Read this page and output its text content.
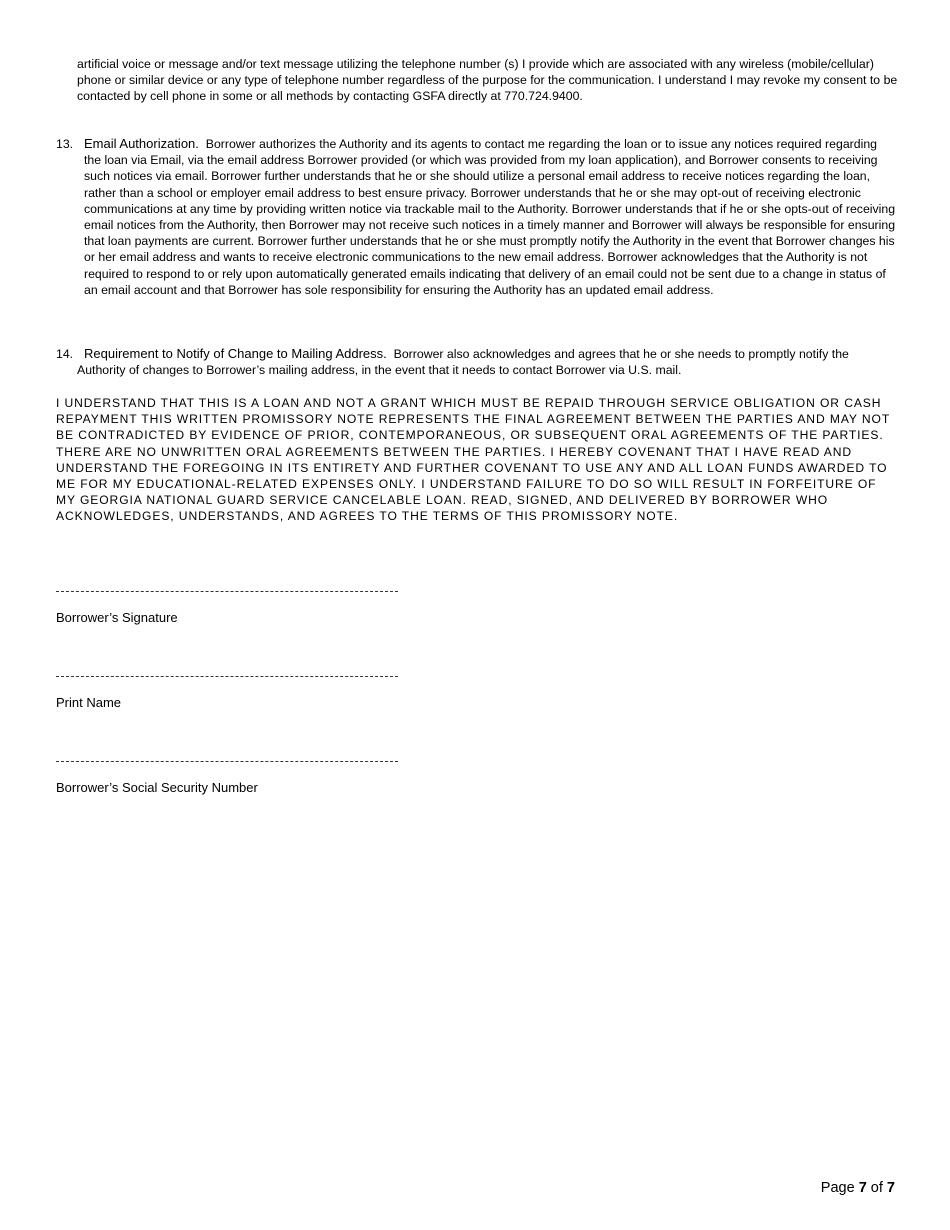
artificial voice or message and/or text message utilizing the telephone number (s) I provide which are associated with any wireless (mobile/cellular) phone or similar device or any type of telephone number regardless of the purpose for the communication. I understand I may revoke my consent to be contacted by cell phone in some or all methods by contacting GSFA directly at 770.724.9400.

13. Email Authorization. Borrower authorizes the Authority and its agents to contact me regarding the loan or to issue any notices required regarding the loan via Email, via the email address Borrower provided (or which was provided from my loan application), and Borrower consents to receiving such notices via email. Borrower further understands that he or she should utilize a personal email address to receive notices regarding the loan, rather than a school or employer email address to best ensure privacy. Borrower understands that he or she may opt-out of receiving electronic communications at any time by providing written notice via trackable mail to the Authority. Borrower understands that if he or she opts-out of receiving email notices from the Authority, then Borrower may not receive such notices in a timely manner and Borrower will always be responsible for ensuring that loan payments are current. Borrower further understands that he or she must promptly notify the Authority in the event that Borrower changes his or her email address and wants to receive electronic communications to the new email address. Borrower acknowledges that the Authority is not required to respond to or rely upon automatically generated emails indicating that delivery of an email could not be sent due to a change in status of an email account and that Borrower has sole responsibility for ensuring the Authority has an updated email address.

14. Requirement to Notify of Change to Mailing Address. Borrower also acknowledges and agrees that he or she needs to promptly notify the Authority of changes to Borrower’s mailing address, in the event that it needs to contact Borrower via U.S. mail.

I UNDERSTAND THAT THIS IS A LOAN AND NOT A GRANT WHICH MUST BE REPAID THROUGH SERVICE OBLIGATION OR CASH REPAYMENT THIS WRITTEN PROMISSORY NOTE REPRESENTS THE FINAL AGREEMENT BETWEEN THE PARTIES AND MAY NOT BE CONTRADICTED BY EVIDENCE OF PRIOR, CONTEMPORANEOUS, OR SUBSEQUENT ORAL AGREEMENTS OF THE PARTIES. THERE ARE NO UNWRITTEN ORAL AGREEMENTS BETWEEN THE PARTIES. I HEREBY COVENANT THAT I HAVE READ AND UNDERSTAND THE FOREGOING IN ITS ENTIRETY AND FURTHER COVENANT TO USE ANY AND ALL LOAN FUNDS AWARDED TO ME FOR MY EDUCATIONAL-RELATED EXPENSES ONLY. I UNDERSTAND FAILURE TO DO SO WILL RESULT IN FORFEITURE OF MY GEORGIA NATIONAL GUARD SERVICE CANCELABLE LOAN. READ, SIGNED, AND DELIVERED BY BORROWER WHO ACKNOWLEDGES, UNDERSTANDS, AND AGREES TO THE TERMS OF THIS PROMISSORY NOTE.

Borrower’s Signature
Print Name
Borrower’s Social Security Number
Page 7 of 7
